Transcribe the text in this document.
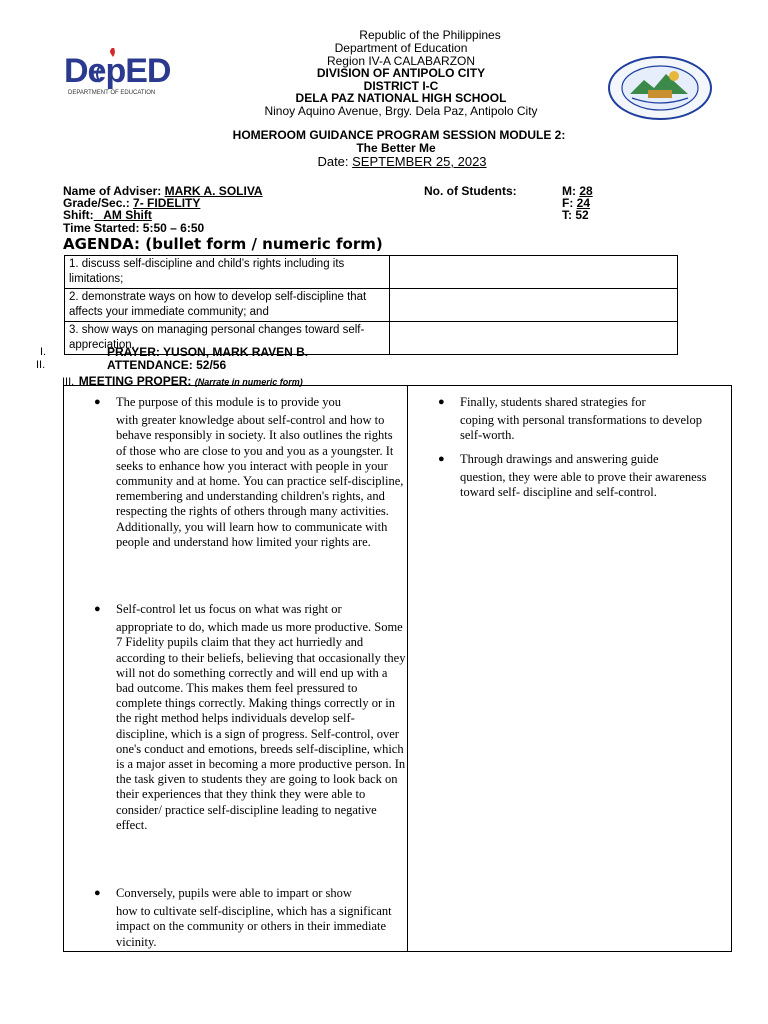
DepED
DEPARTMENT OF EDUCATION
Republic of the Philippines
Department of Education
Region IV-A CALABARZON
DIVISION OF ANTIPOLO CITY
DISTRICT I-C
DELA PAZ NATIONAL HIGH SCHOOL
Ninoy Aquino Avenue, Brgy. Dela Paz, Antipolo City
HOMEROOM GUIDANCE PROGRAM SESSION MODULE 2:
The Better Me
Date: SEPTEMBER 25, 2023
Name of Adviser: MARK A. SOLIVA
Grade/Sec.: 7- FIDELITY
Shift:   AM Shift
Time Started: 5:50 – 6:50
No. of Students:	M: 28
F: 24
T: 52
AGENDA: (bullet form / numeric form)
1. discuss self-discipline and child’s rights including its limitations;	
2. demonstrate ways on how to develop self-discipline that affects your immediate community; and	
3. show ways on managing personal changes toward self-appreciation.	
I.	PRAYER: YUSON, MARK RAVEN B.
II.	ATTENDANCE: 52/56
III. MEETING PROPER: (Narrate in numeric form)
● The purpose of this module is to provide you
with greater knowledge about self-control and how to behave responsibly in society. It also outlines the rights of those who are close to you and you as a youngster. It seeks to enhance how you interact with people in your community and at home. You can practice self-discipline, remembering and understanding children's rights, and respecting the rights of others through many activities. Additionally, you will learn how to communicate with people and understand how limited your rights are.
● Self-control let us focus on what was right or
appropriate to do, which made us more productive. Some 7 Fidelity pupils claim that they act hurriedly and according to their beliefs, believing that occasionally they will not do something correctly and will end up with a bad outcome. This makes them feel pressured to complete things correctly. Making things correctly or in the right method helps individuals develop self-discipline, which is a sign of progress. Self-control, over one's conduct and emotions, breeds self-discipline, which is a major asset in becoming a more productive person. In the task given to students they are going to look back on their experiences that they think they were able to consider/ practice self-discipline leading to negative effect.
● Conversely, pupils were able to impart or show
how to cultivate self-discipline, which has a significant impact on the community or others in their immediate vicinity.
● Finally, students shared strategies for
coping with personal transformations to develop self-worth.
● Through drawings and answering guide
question, they were able to prove their awareness toward self- discipline and self-control.
